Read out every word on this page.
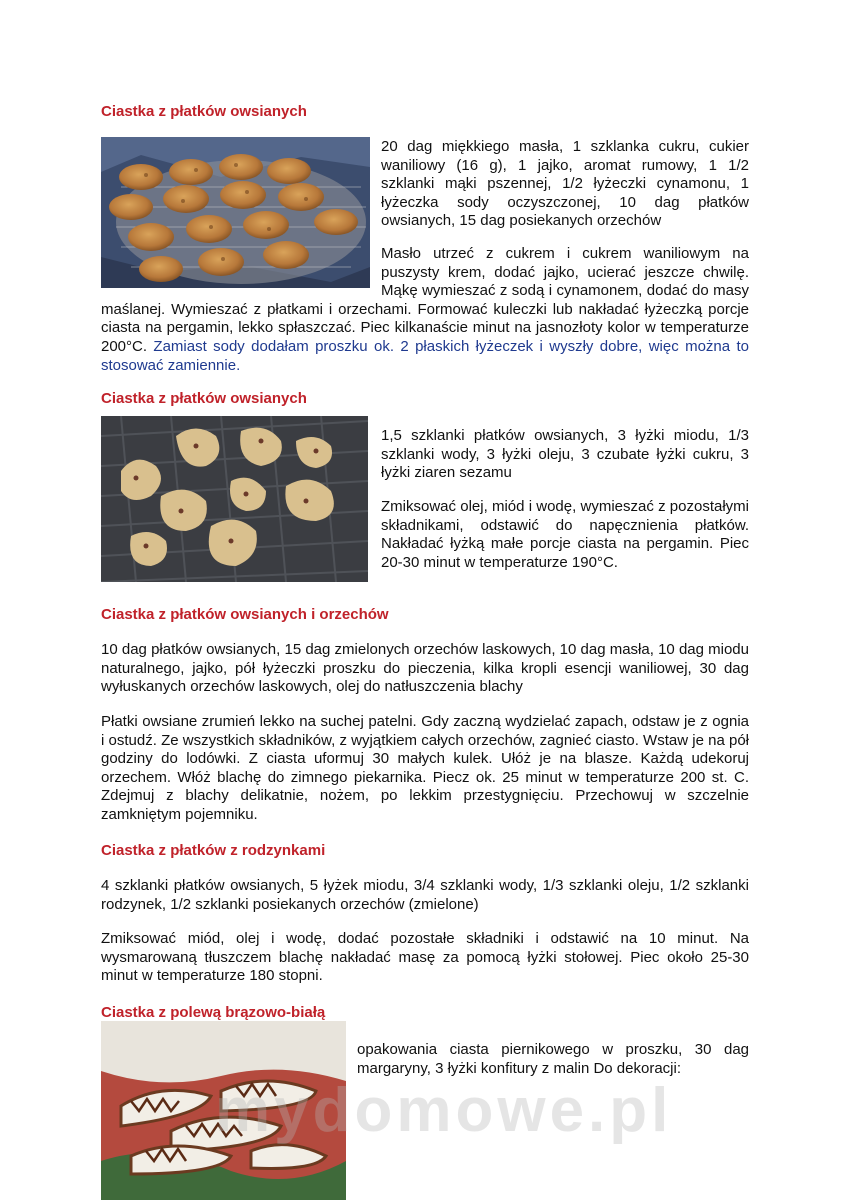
Ciastka z płatków owsianych

20 dag miękkiego masła, 1 szklanka cukru, cukier waniliowy (16 g), 1 jajko, aromat rumowy, 1 1/2 szklanki mąki pszennej, 1/2 łyżeczki cynamonu, 1 łyżeczka sody oczyszczonej, 10 dag płatków owsianych, 15 dag posiekanych orzechów

Masło utrzeć z cukrem i cukrem waniliowym na puszysty krem, dodać jajko, ucierać jeszcze chwilę. Mąkę wymieszać z sodą i cynamonem, dodać do masy maślanej. Wymieszać z płatkami i orzechami. Formować kuleczki lub nakładać łyżeczką porcje ciasta na pergamin, lekko spłaszczać. Piec kilkanaście minut na jasnozłoty kolor w temperaturze 200°C. Zamiast sody dodałam proszku ok. 2 płaskich łyżeczek i wyszły dobre, więc można to stosować zamiennie.

Ciastka z płatków owsianych

1,5 szklanki płatków owsianych, 3 łyżki miodu, 1/3 szklanki wody, 3 łyżki oleju, 3 czubate łyżki cukru, 3 łyżki ziaren sezamu

Zmiksować olej, miód i wodę, wymieszać z pozostałymi składnikami, odstawić do napęcznienia płatków. Nakładać łyżką małe porcje ciasta na pergamin. Piec 20-30 minut w temperaturze 190°C.

Ciastka z płatków owsianych i orzechów

10 dag płatków owsianych, 15 dag zmielonych orzechów laskowych, 10 dag masła, 10 dag miodu naturalnego, jajko, pół łyżeczki proszku do pieczenia, kilka kropli esencji waniliowej, 30 dag wyłuskanych orzechów laskowych, olej do natłuszczenia blachy

Płatki owsiane zrumień lekko na suchej patelni. Gdy zaczną wydzielać zapach, odstaw je z ognia i ostudź. Ze wszystkich składników, z wyjątkiem całych orzechów, zagnieć ciasto. Wstaw je na pół godziny do lodówki. Z ciasta uformuj 30 małych kulek. Ułóż je na blasze. Każdą udekoruj orzechem. Włóż blachę do zimnego piekarnika. Piecz ok. 25 minut w temperaturze 200 st. C. Zdejmuj z blachy delikatnie, nożem, po lekkim przestygnięciu. Przechowuj w szczelnie zamkniętym pojemniku.

Ciastka z płatków z rodzynkami

4 szklanki płatków owsianych, 5 łyżek miodu, 3/4 szklanki wody, 1/3 szklanki oleju, 1/2 szklanki rodzynek, 1/2 szklanki posiekanych orzechów (zmielone)

Zmiksować miód, olej i wodę, dodać pozostałe składniki i odstawić na 10 minut. Na wysmarowaną tłuszczem blachę nakładać masę za pomocą łyżki stołowej. Piec około 25-30 minut w temperaturze 180 stopni.

Ciastka z polewą brązowo-białą

opakowania ciasta piernikowego w proszku, 30 dag margaryny, 3 łyżki konfitury z malin Do dekoracji:

mydomowe.pl
